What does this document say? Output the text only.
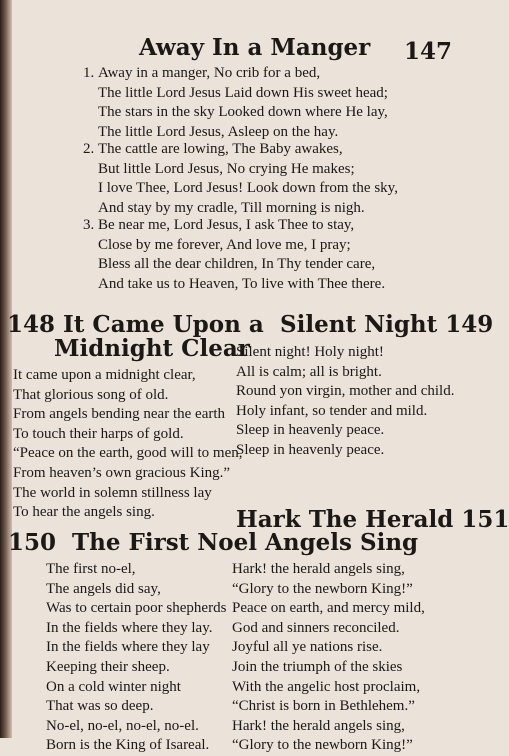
Away In a Manger 147
1. Away in a manger, No crib for a bed,
The little Lord Jesus Laid down His sweet head;
The stars in the sky Looked down where He lay,
The little Lord Jesus, Asleep on the hay.
2. The cattle are lowing, The Baby awakes,
But little Lord Jesus, No crying He makes;
I love Thee, Lord Jesus! Look down from the sky,
And stay by my cradle, Till morning is nigh.
3. Be near me, Lord Jesus, I ask Thee to stay,
Close by me forever, And love me, I pray;
Bless all the dear children, In Thy tender care,
And take us to Heaven, To live with Thee there.
148 It Came Upon a
Midnight Clear
It came upon a midnight clear,
That glorious song of old.
From angels bending near the earth
To touch their harps of gold.
“Peace on the earth, good will to men,
From heaven’s own gracious King.”
The world in solemn stillness lay
To hear the angels sing.
Silent Night 149
Silent night! Holy night!
All is calm; all is bright.
Round yon virgin, mother and child.
Holy infant, so tender and mild.
Sleep in heavenly peace.
Sleep in heavenly peace.
150 The First Noel
The first no-el,
The angels did say,
Was to certain poor shepherds
In the fields where they lay.
In the fields where they lay
Keeping their sheep.
On a cold winter night
That was so deep.
No-el, no-el, no-el, no-el.
Born is the King of Isareal.
Hark The Herald 151
Angels Sing
Hark! the herald angels sing,
“Glory to the newborn King!”
Peace on earth, and mercy mild,
God and sinners reconciled.
Joyful all ye nations rise.
Join the triumph of the skies
With the angelic host proclaim,
“Christ is born in Bethlehem.”
Hark! the herald angels sing,
“Glory to the newborn King!”
